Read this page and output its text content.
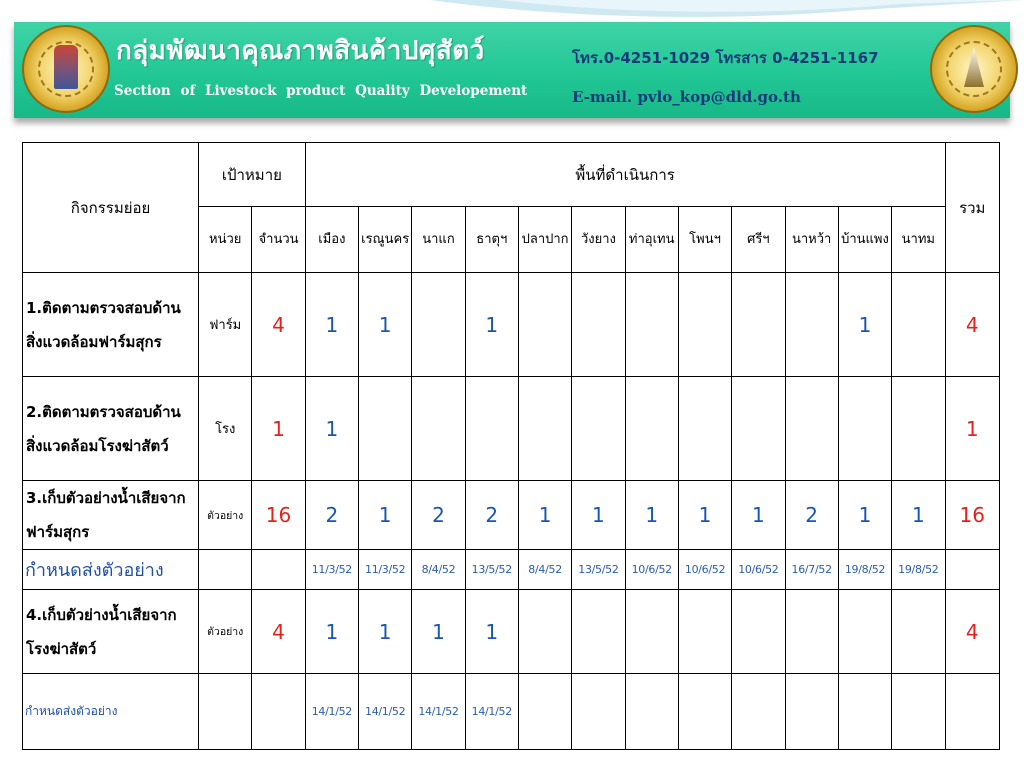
กลุ่มพัฒนาคุณภาพสินค้าปศุสัตว์
Section of Livestock product Quality Developement
โทร.0-4251-1029 โทรสาร 0-4251-1167
E-mail. pvlo_kop@dld.go.th
กิจกรรมย่อย	เป้าหมาย		พื้นที่ดำเนินการ												รวม
	หน่วย	จำนวน	เมือง	เรณูนคร	นาแก	ธาตุฯ	ปลาปาก	วังยาง	ท่าอุเทน	โพนฯ	ศรีฯ	นาหว้า	บ้านแพง	นาทม	
1.ติดตามตรวจสอบด้าน สิ่งแวดล้อมฟาร์มสุกร	ฟาร์ม	4	1	1		1							1		4
2.ติดตามตรวจสอบด้าน สิ่งแวดล้อมโรงฆ่าสัตว์	โรง	1	1												1
3.เก็บตัวอย่างน้ำเสียจากฟาร์มสุกร	ตัวอย่าง	16	2	1	2	2	1	1	1	1	1	2	1	1	16
กำหนดส่งตัวอย่าง			11/3/52	11/3/52	8/4/52	13/5/52	8/4/52	13/5/52	10/6/52	10/6/52	10/6/52	16/7/52	19/8/52	19/8/52	
4.เก็บตัวย่างน้ำเสียจากโรงฆ่าสัตว์	ตัวอย่าง	4	1	1	1	1									4
กำหนดส่งตัวอย่าง			14/1/52	14/1/52	14/1/52	14/1/52									
